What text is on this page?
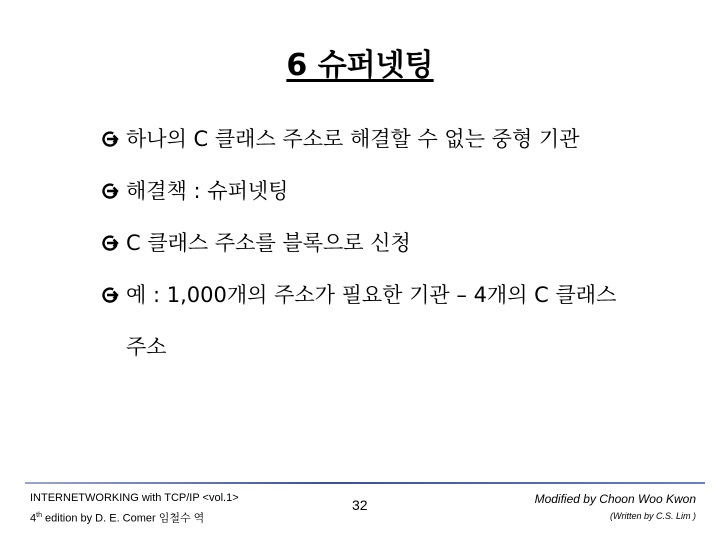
6 슈퍼넷팅
하나의 C 클래스 주소로 해결할 수 없는 중형 기관
해결책 : 슈퍼넷팅
C 클래스 주소를 블록으로 신청
예 : 1,000개의 주소가 필요한 기관 – 4개의 C 클래스
주소
INTERNETWORKING with TCP/IP <vol.1>
4th edition by D. E. Comer 임철수 역
32	Modified by Choon Woo Kwon
(Written by C.S. Lim )
